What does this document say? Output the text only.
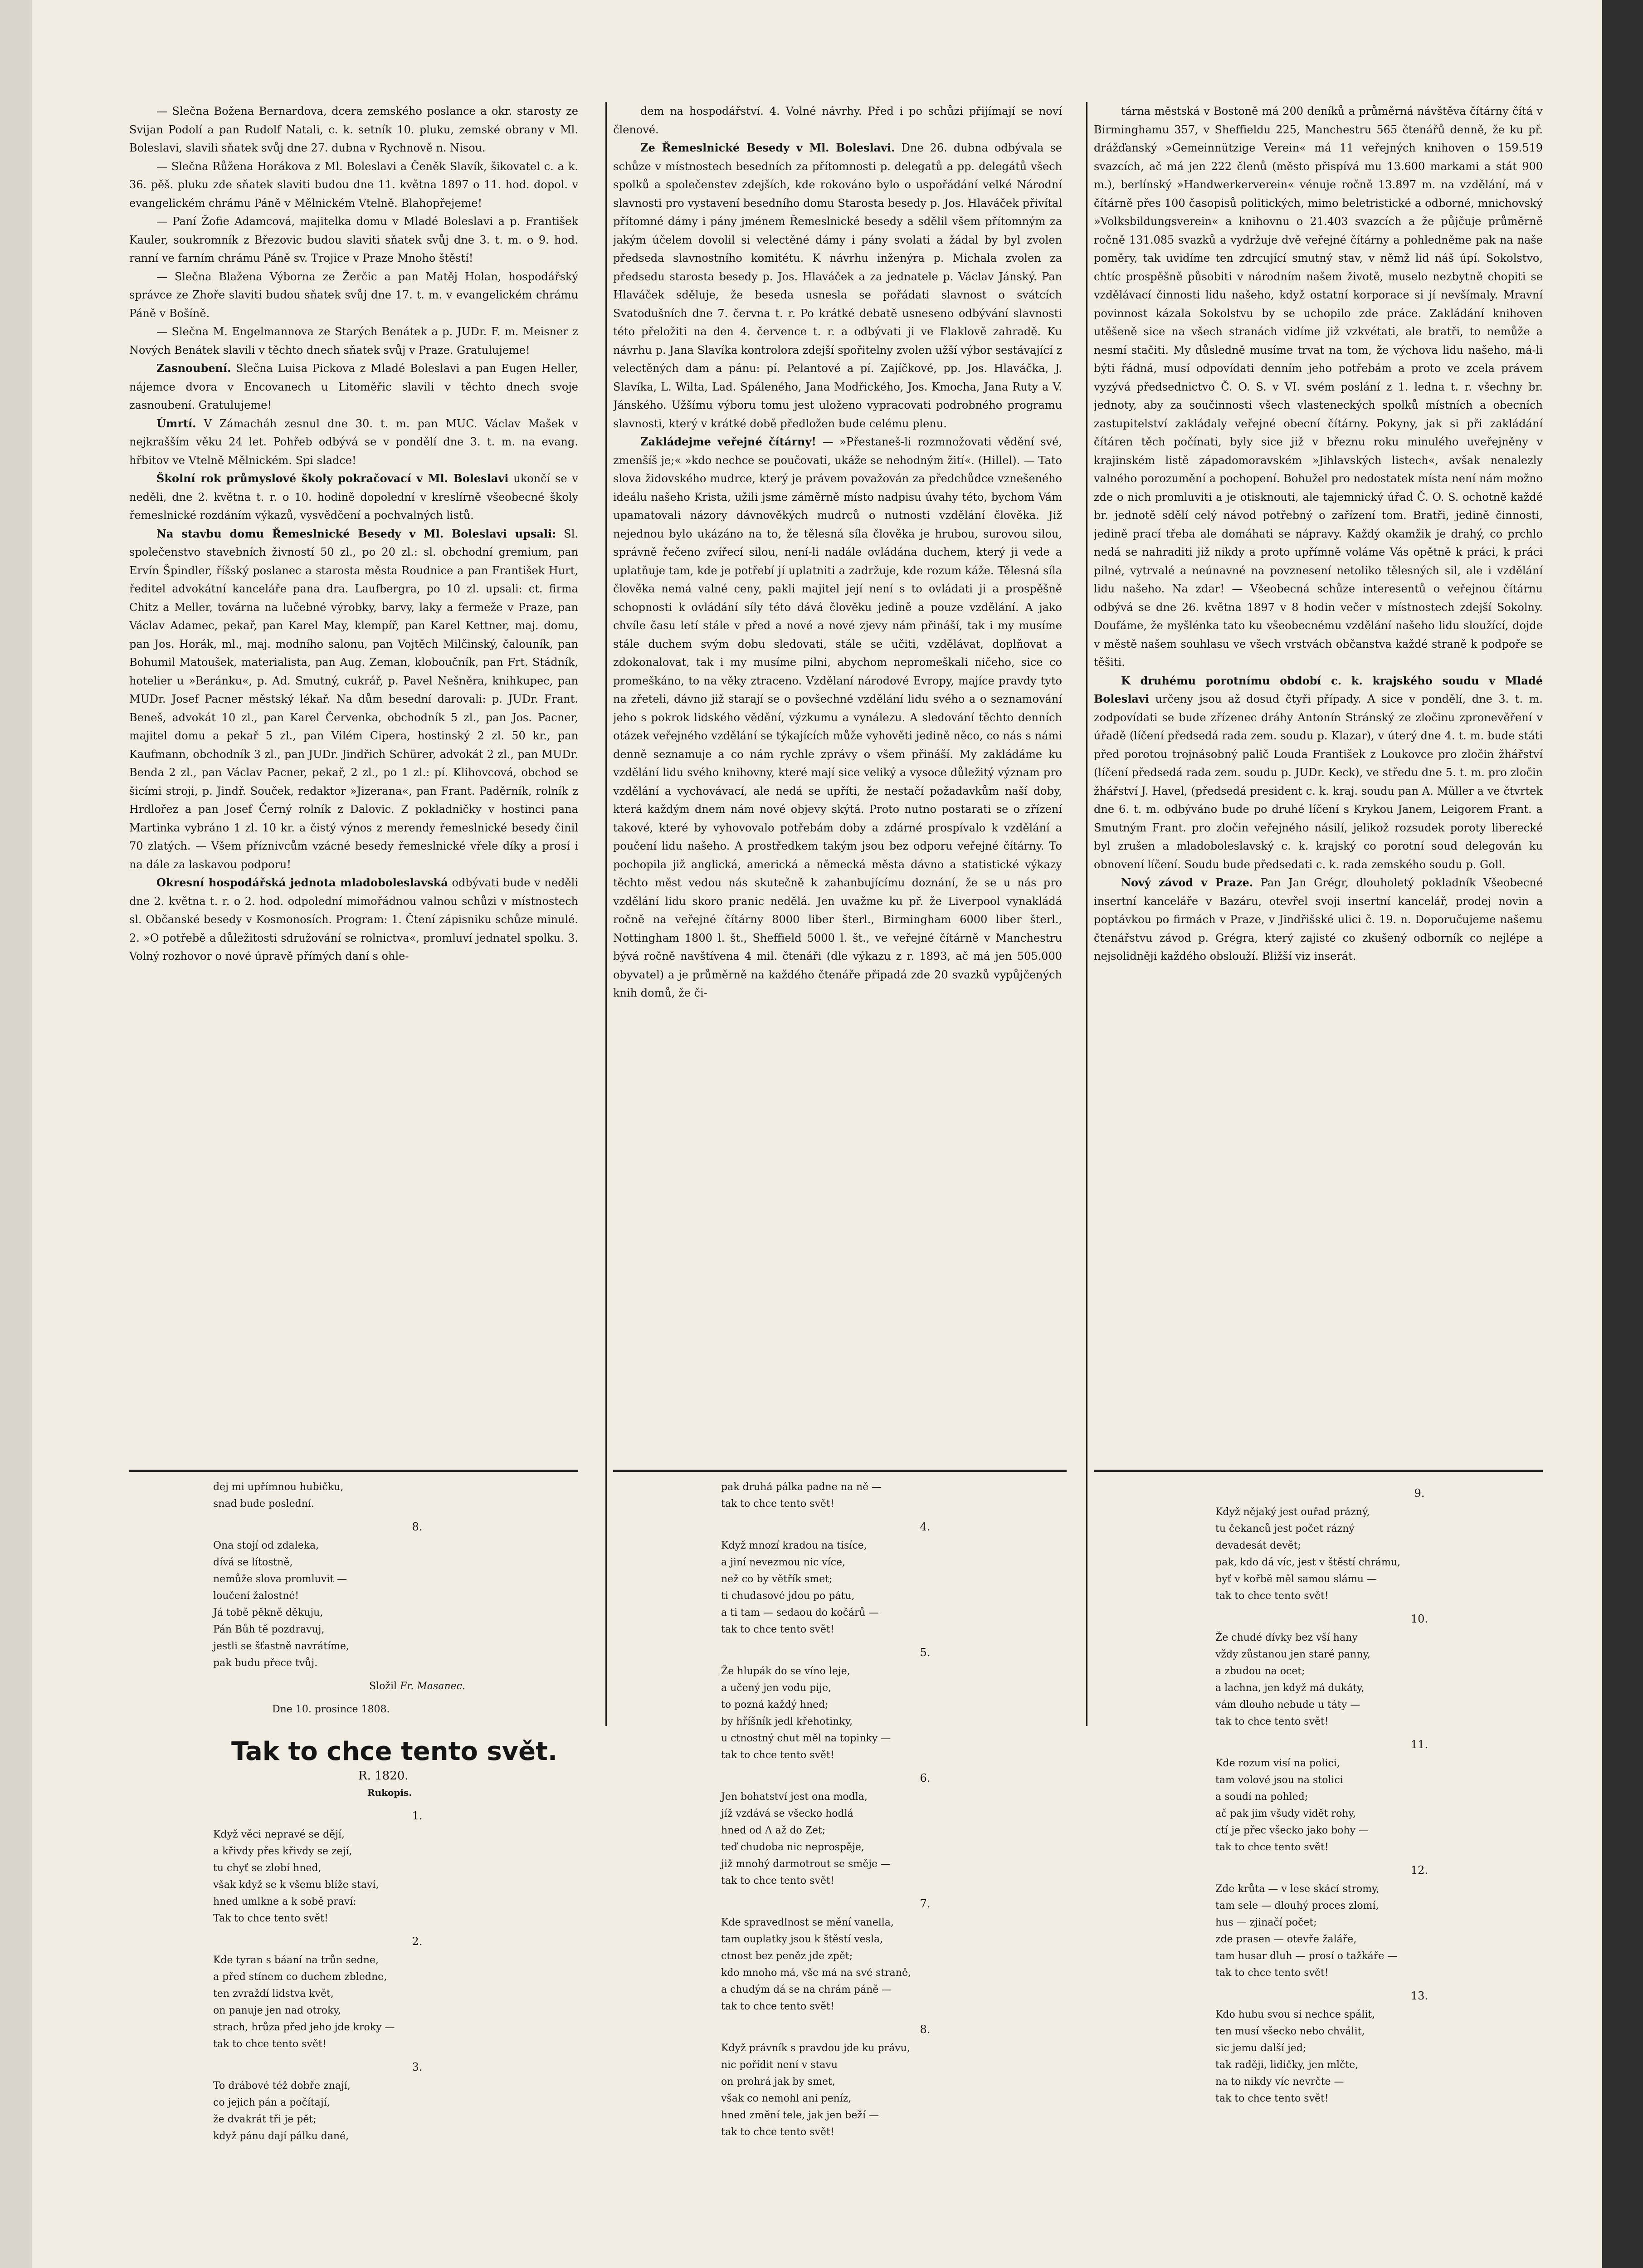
— Slečna Božena Bernardova, dcera zemského poslance a okr. starosty ze Svijan Podolí a pan Rudolf Natali, c. k. setník 10. pluku, zemské obrany v Ml. Boleslavi, slavili sňatek svůj dne 27. dubna v Rychnově n. Nisou.

— Slečna Růžena Horákova z Ml. Boleslavi a Čeněk Slavík, šikovatel c. a k. 36. pěš. pluku zde sňatek slaviti budou dne 11. května 1897 o 11. hod. dopol. v evangelickém chrámu Páně v Mělnickém Vtelně. Blahopřejeme!

— Paní Žofie Adamcová, majitelka domu v Mladé Boleslavi a p. František Kauler, soukromník z Březovic budou slaviti sňatek svůj dne 3. t. m. o 9. hod. ranní ve farním chrámu Páně sv. Trojice v Praze Mnoho štěstí!

— Slečna Blažena Výborna ze Žerčic a pan Matěj Holan, hospodářský správce ze Zhoře slaviti budou sňatek svůj dne 17. t. m. v evangelickém chrámu Páně v Bošíně.

— Slečna M. Engelmannova ze Starých Benátek a p. JUDr. F. m. Meisner z Nových Benátek slavili v těchto dnech sňatek svůj v Praze. Gratulujeme!

Zasnoubení. Slečna Luisa Pickova z Mladé Boleslavi a pan Eugen Heller, nájemce dvora v Encovanech u Litoměřic slavili v těchto dnech svoje zasnoubení. Gratulujeme!

Úmrtí. V Zámacháh zesnul dne 30. t. m. pan MUC. Václav Mašek v nejkrašším věku 24 let. Pohřeb odbývá se v pondělí dne 3. t. m. na evang. hřbitov ve Vtelně Mělnickém. Spi sladce!

Školní rok průmyslové školy pokračovací v Ml. Boleslavi ukončí se v neděli, dne 2. května t. r. o 10. hodině dopolední v kreslírně všeobecné školy řemeslnické rozdáním výkazů, vysvědčení a pochvalných listů.

Na stavbu domu Řemeslnické Besedy v Ml. Boleslavi upsali: Sl. společenstvo stavebních živností 50 zl., po 20 zl.: sl. obchodní gremium, pan Ervín Špindler, říšský poslanec a starosta města Roudnice a pan František Hurt, ředitel advokátní kanceláře pana dra. Laufbergra, po 10 zl. upsali: ct. firma Chitz a Meller, továrna na lučebné výrobky, barvy, laky a fermeže v Praze, pan Václav Adamec, pekař, pan Karel May, klempíř, pan Karel Kettner, maj. domu, pan Jos. Horák, ml., maj. modního salonu, pan Vojtěch Milčinský, čalouník, pan Bohumil Matoušek, materialista, pan Aug. Zeman, kloboučník, pan Frt. Stádník, hotelier u »Beránku«, p. Ad. Smutný, cukrář, p. Pavel Nešněra, knihkupec, pan MUDr. Josef Pacner městský lékař. Na dům besední darovali: p. JUDr. Frant. Beneš, advokát 10 zl., pan Karel Červenka, obchodník 5 zl., pan Jos. Pacner, majitel domu a pekař 5 zl., pan Vilém Cipera, hostinský 2 zl. 50 kr., pan Kaufmann, obchodník 3 zl., pan JUDr. Jindřich Schürer, advokát 2 zl., pan MUDr. Benda 2 zl., pan Václav Pacner, pekař, 2 zl., po 1 zl.: pí. Klihovcová, obchod se šicími stroji, p. Jindř. Souček, redaktor »Jizerana«, pan Frant. Paděrník, rolník z Hrdlořez a pan Josef Černý rolník z Dalovic. Z pokladničky v hostinci pana Martinka vybráno 1 zl. 10 kr. a čistý výnos z merendy řemeslnické besedy činil 70 zlatých. — Všem příznivcům vzácné besedy řemeslnické vřele díky a prosí i na dále za laskavou podporu!

Okresní hospodářská jednota mladoboleslavská odbývati bude v neděli dne 2. května t. r. o 2. hod. odpolední mimořádnou valnou schůzi v místnostech sl. Občanské besedy v Kosmonosích. Program: 1. Čtení zápisniku schůze minulé. 2. »O potřebě a důležitosti sdružování se rolnictva«, promluví jednatel spolku. 3. Volný rozhovor o nové úpravě přímých daní s ohle-

dem na hospodářství. 4. Volné návrhy. Před i po schůzi přijímají se noví členové.

Ze Řemeslnické Besedy v Ml. Boleslavi. Dne 26. dubna odbývala se schůze v místnostech besedních za přítomnosti p. delegatů a pp. delegátů všech spolků a společenstev zdejších, kde rokováno bylo o uspořádání velké Národní slavnosti pro vystavení besedního domu Starosta besedy p. Jos. Hlaváček přivítal přítomné dámy i pány jménem Řemeslnické besedy a sdělil všem přítomným za jakým účelem dovolil si velectěné dámy i pány svolati a žádal by byl zvolen předseda slavnostního komitétu. K návrhu inženýra p. Michala zvolen za předsedu starosta besedy p. Jos. Hlaváček a za jednatele p. Václav Jánský. Pan Hlaváček sděluje, že beseda usnesla se pořádati slavnost o svátcích Svatodušních dne 7. června t. r. Po krátké debatě usneseno odbývání slavnosti této přeložiti na den 4. července t. r. a odbývati ji ve Flaklově zahradě. Ku návrhu p. Jana Slavíka kontrolora zdejší spořitelny zvolen užší výbor sestávající z velectěných dam a pánu: pí. Pelantové a pí. Zajíčkové, pp. Jos. Hlaváčka, J. Slavíka, L. Wilta, Lad. Spáleného, Jana Modřického, Jos. Kmocha, Jana Ruty a V. Jánského. Užšímu výboru tomu jest uloženo vypracovati podrobného programu slavnosti, který v krátké době předložen bude celému plenu.

Zakládejme veřejné čítárny! — »Přestaneš-li rozmnožovati vědění své, zmenšíš je;« »kdo nechce se poučovati, ukáže se nehodným žití«. (Hillel). — Tato slova židovského mudrce, který je právem považován za předchůdce vznešeného ideálu našeho Krista, užili jsme záměrně místo nadpisu úvahy této, bychom Vám upamatovali názory dávnověkých mudrců o nutnosti vzdělání člověka. Již nejednou bylo ukázáno na to, že tělesná síla člověka je hrubou, surovou silou, správně řečeno zvířecí silou, není-li nadále ovládána duchem, který ji vede a uplatňuje tam, kde je potřebí jí uplatniti a zadržuje, kde rozum káže. Tělesná síla člověka nemá valné ceny, pakli majitel její není s to ovládati ji a prospěšně schopnosti k ovládání síly této dává člověku jedině a pouze vzdělání. A jako chvíle času letí stále v před a nové a nové zjevy nám přináší, tak i my musíme stále duchem svým dobu sledovati, stále se učiti, vzdělávat, doplňovat a zdokonalovat, tak i my musíme pilni, abychom nepromeškali ničeho, sice co promeškáno, to na věky ztraceno. Vzdělaní národové Evropy, majíce pravdy tyto na zřeteli, dávno již starají se o povšechné vzdělání lidu svého a o seznamování jeho s pokrok lidského vědění, výzkumu a vynálezu. A sledování těchto denních otázek veřejného vzdělání se týkajících může vyhověti jedině něco, co nás s námi denně seznamuje a co nám rychle zprávy o všem přináší. My zakládáme ku vzdělání lidu svého knihovny, které mají sice veliký a vysoce důležitý význam pro vzdělání a vychovávací, ale nedá se upříti, že nestačí požadavkům naší doby, která každým dnem nám nové objevy skýtá. Proto nutno postarati se o zřízení takové, které by vyhovovalo potřebám doby a zdárné prospívalo k vzdělání a poučení lidu našeho. A prostředkem takým jsou bez odporu veřejné čítárny. To pochopila již anglická, americká a německá města dávno a statistické výkazy těchto měst vedou nás skutečně k zahanbujícímu doznání, že se u nás pro vzdělání lidu skoro pranic nedělá. Jen uvažme ku př. že Liverpool vynakládá ročně na veřejné čítárny 8000 liber šterl., Birmingham 6000 liber šterl., Nottingham 1800 l. št., Sheffield 5000 l. št., ve veřejné čítárně v Manchestru bývá ročně navštívena 4 mil. čtenáři (dle výkazu z r. 1893, ač má jen 505.000 obyvatel) a je průměrně na každého čtenáře připadá zde 20 svazků vypůjčených knih domů, že či-

tárna městská v Bostoně má 200 deníků a průměrná návštěva čítárny čítá v Birminghamu 357, v Sheffieldu 225, Manchestru 565 čtenářů denně, že ku př. drážďanský »Gemeinnützige Verein« má 11 veřejných knihoven o 159.519 svazcích, ač má jen 222 členů (město přispívá mu 13.600 markami a stát 900 m.), berlínský »Handwerkerverein« vénuje ročně 13.897 m. na vzdělání, má v čítárně přes 100 časopisů politických, mimo beletristické a odborné, mnichovský »Volksbildungsverein« a knihovnu o 21.403 svazcích a že půjčuje průměrně ročně 131.085 svazků a vydržuje dvě veřejné čítárny a pohledněme pak na naše poměry, tak uvidíme ten zdrcující smutný stav, v němž lid náš úpí. Sokolstvo, chtíc prospěšně působiti v národním našem životě, muselo nezbytně chopiti se vzdělávací činnosti lidu našeho, když ostatní korporace si jí nevšímaly. Mravní povinnost kázala Sokolstvu by se uchopilo zde práce. Zakládání knihoven utěšeně sice na všech stranách vidíme již vzkvétati, ale bratři, to nemůže a nesmí stačiti. My důsledně musíme trvat na tom, že výchova lidu našeho, má-li býti řádná, musí odpovídati denním jeho potřebám a proto ve zcela právem vyzývá předsednictvo Č. O. S. v VI. svém poslání z 1. ledna t. r. všechny br. jednoty, aby za součinnosti všech vlasteneckých spolků místních a obecních zastupitelství zakládaly veřejné obecní čítárny. Pokyny, jak si při zakládání čítáren těch počínati, byly sice již v březnu roku minulého uveřejněny v krajinském listě západomoravském »Jihlavských listech«, avšak nenalezly valného porozumění a pochopení. Bohužel pro nedostatek místa není nám možno zde o nich promluviti a je otisknouti, ale tajemnický úřad Č. O. S. ochotně každé br. jednotě sdělí celý návod potřebný o zařízení tom. Bratři, jedině činnosti, jedině prací třeba ale domáhati se nápravy. Každý okamžik je drahý, co prchlo nedá se nahraditi již nikdy a proto upřímně voláme Vás opětně k práci, k práci pilné, vytrvalé a neúnavné na povznesení netoliko tělesných sil, ale i vzdělání lidu našeho. Na zdar! — Všeobecná schůze interesentů o veřejnou čítárnu odbývá se dne 26. května 1897 v 8 hodin večer v místnostech zdejší Sokolny. Doufáme, že myšlénka tato ku všeobecnému vzdělání našeho lidu sloužící, dojde v městě našem souhlasu ve všech vrstvách občanstva každé straně k podpoře se těšiti.

K druhému porotnímu období c. k. krajského soudu v Mladé Boleslavi určeny jsou až dosud čtyři případy. A sice v pondělí, dne 3. t. m. zodpovídati se bude zřízenec dráhy Antonín Stránský ze zločinu zpronevěření v úřadě (líčení předsedá rada zem. soudu p. Klazar), v úterý dne 4. t. m. bude státi před porotou trojnásobný palič Louda František z Loukovce pro zločin žhářství (líčení předsedá rada zem. soudu p. JUDr. Keck), ve středu dne 5. t. m. pro zločin žhářství J. Havel, (předsedá president c. k. kraj. soudu pan A. Müller a ve čtvrtek dne 6. t. m. odbýváno bude po druhé líčení s Krykou Janem, Leigorem Frant. a Smutným Frant. pro zločin veřejného násilí, jelikož rozsudek poroty liberecké byl zrušen a mladoboleslavský c. k. krajský co porotní soud delegován ku obnovení líčení. Soudu bude předsedati c. k. rada zemského soudu p. Goll.

Nový závod v Praze. Pan Jan Grégr, dlouholetý pokladník Všeobecné insertní kanceláře v Bazáru, otevřel svoji insertní kancelář, prodej novin a poptávkou po firmách v Praze, v Jindřišské ulici č. 19. n. Doporučujeme našemu čtenářstvu závod p. Grégra, který zajisté co zkušený odborník co nejlépe a nejsolidněji každého obslouží. Bližší viz inserát.

dej mi upřímnou hubičku,
snad bude poslední.
8.
Ona stojí od zdaleka,
dívá se lítostně,
nemůže slova promluvit —
loučení žalostné!
Já tobě pěkně děkuju,
Pán Bůh tě pozdravuj,
jestli se šťastně navrátíme,
pak budu přece tvůj.
Složil Fr. Masanec.
Dne 10. prosince 1808.
Tak to chce tento svět.
R. 1820.
Rukopis.
1.
Když věci nepravé se dějí,
a křivdy přes křivdy se zejí,
tu chyť se zlobí hned,
však když se k všemu blíže staví,
hned umlkne a k sobě praví:
Tak to chce tento svět!
2.
Kde tyran s báaní na trůn sedne,
a před stínem co duchem zbledne,
ten zvraždí lidstva květ,
on panuje jen nad otroky,
strach, hrůza před jeho jde kroky —
tak to chce tento svět!
3.
To drábové též dobře znají,
co jejich pán a počítají,
že dvakrát tři je pět;
když pánu dají pálku dané,
pak druhá pálka padne na ně —
tak to chce tento svět!
4.
Když mnozí kradou na tisíce,
a jiní nevezmou nic více,
než co by větřík smet;
ti chudasové jdou po pátu,
a ti tam — sedaou do kočárů —
tak to chce tento svět!
5.
Že hlupák do se víno leje,
a učený jen vodu pije,
to pozná každý hned;
by hříšník jedl křehotinky,
u ctnostný chut měl na topinky —
tak to chce tento svět!
6.
Jen bohatství jest ona modla,
jíž vzdává se všecko hodlá
hned od A až do Zet;
teď chudoba nic neprospěje,
již mnohý darmotrout se směje —
tak to chce tento svět!
7.
Kde spravedlnost se mění vanella,
tam ouplatky jsou k štěstí vesla,
ctnost bez peněz jde zpět;
kdo mnoho má, vše má na své straně,
a chudým dá se na chrám páně —
tak to chce tento svět!
8.
Když právník s pravdou jde ku právu,
nic pořídit není v stavu
on prohrá jak by smet,
však co nemohl ani peníz,
hned změní tele, jak jen beží —
tak to chce tento svět!
9.
Když nějaký jest ouřad prázný,
tu čekanců jest počet rázný
devadesát devět;
pak, kdo dá víc, jest v štěstí chrámu,
byť v kořbě měl samou slámu —
tak to chce tento svět!
10.
Že chudé dívky bez vší hany
vždy zůstanou jen staré panny,
a zbudou na ocet;
a lachna, jen když má dukáty,
vám dlouho nebude u táty —
tak to chce tento svět!
11.
Kde rozum visí na polici,
tam volové jsou na stolici
a soudí na pohled;
ač pak jim všudy vidět rohy,
ctí je přec všecko jako bohy —
tak to chce tento svět!
12.
Zde krůta — v lese skácí stromy,
tam sele — dlouhý proces zlomí,
hus — zjinačí počet;
zde prasen — otevře žaláře,
tam husar dluh — prosí o tažkáře —
tak to chce tento svět!
13.
Kdo hubu svou si nechce spálit,
ten musí všecko nebo chválit,
sic jemu další jed;
tak raději, lidičky, jen mlčte,
na to nikdy víc nevrčte —
tak to chce tento svět!
